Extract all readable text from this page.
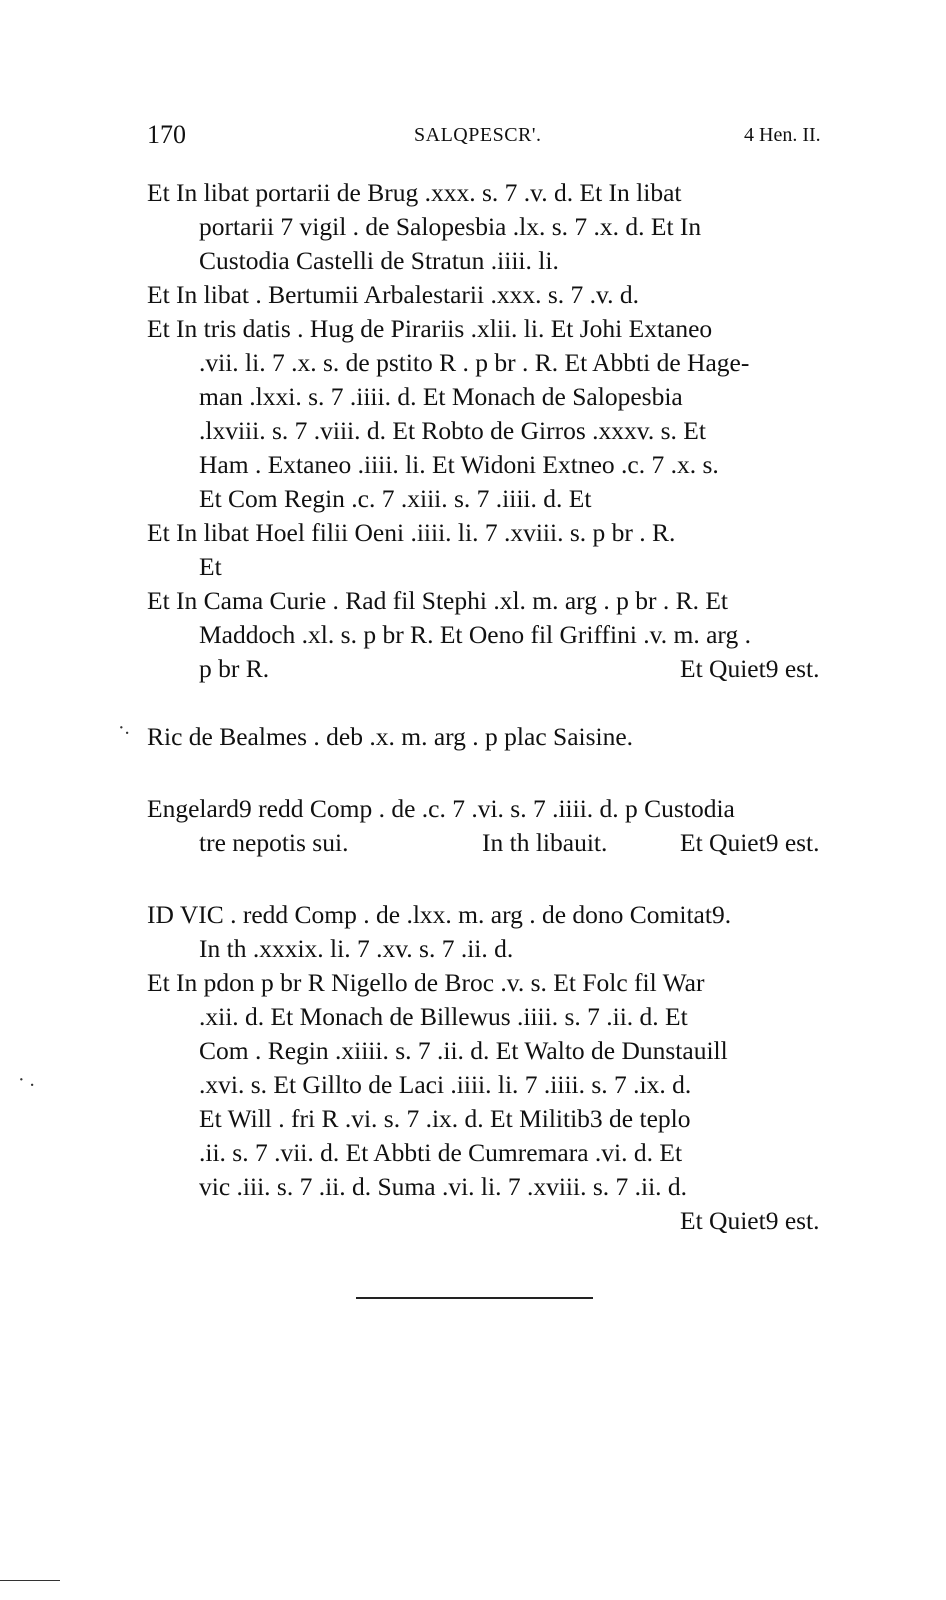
170	SALQPESCR'.	4 Hen. II.
Et In libat portarii de Brug .xxx. s. 7 .v. d. Et In libat
portarii 7 vigil . de Salopesbia .lx. s. 7 .x. d. Et In
Custodia Castelli de Stratun .iiii. li.
Et In libat . Bertumii Arbalestarii .xxx. s. 7 .v. d.
Et In tris datis . Hug de Pirariis .xlii. li. Et Johi Extaneo
.vii. li. 7 .x. s. de pstito R . p br . R. Et Abbti de Hage-
man .lxxi. s. 7 .iiii. d. Et Monach de Salopesbia
.lxviii. s. 7 .viii. d. Et Robto de Girros .xxxv. s. Et
Ham . Extaneo .iiii. li. Et Widoni Extneo .c. 7 .x. s.
Et Com Regin .c. 7 .xiii. s. 7 .iiii. d. Et
Et In libat Hoel filii Oeni .iiii. li. 7 .xviii. s. p br . R.
Et
Et In Cama Curie . Rad fil Stephi .xl. m. arg . p br . R. Et
Maddoch .xl. s. p br R. Et Oeno fil Griffini .v. m. arg .
p br R.	Et Quiet9 est.
Ric de Bealmes . deb .x. m. arg . p plac Saisine.
Engelard9 redd Comp . de .c. 7 .vi. s. 7 .iiii. d. p Custodia
tre nepotis sui.	In th libauit.	Et Quiet9 est.
ID VIC . redd Comp . de .lxx. m. arg . de dono Comitat9.
In th .xxxix. li. 7 .xv. s. 7 .ii. d.
Et In pdon p br R Nigello de Broc .v. s. Et Folc fil War
.xii. d. Et Monach de Billewus .iiii. s. 7 .ii. d. Et
Com . Regin .xiiii. s. 7 .ii. d. Et Walto de Dunstauill
.xvi. s. Et Gillto de Laci .iiii. li. 7 .iiii. s. 7 .ix. d.
Et Will . fri R .vi. s. 7 .ix. d. Et Militib3 de teplo
.ii. s. 7 .vii. d. Et Abbti de Cumremara .vi. d. Et
vic .iii. s. 7 .ii. d. Suma .vi. li. 7 .xviii. s. 7 .ii. d.
Et Quiet9 est.
·.
· .
